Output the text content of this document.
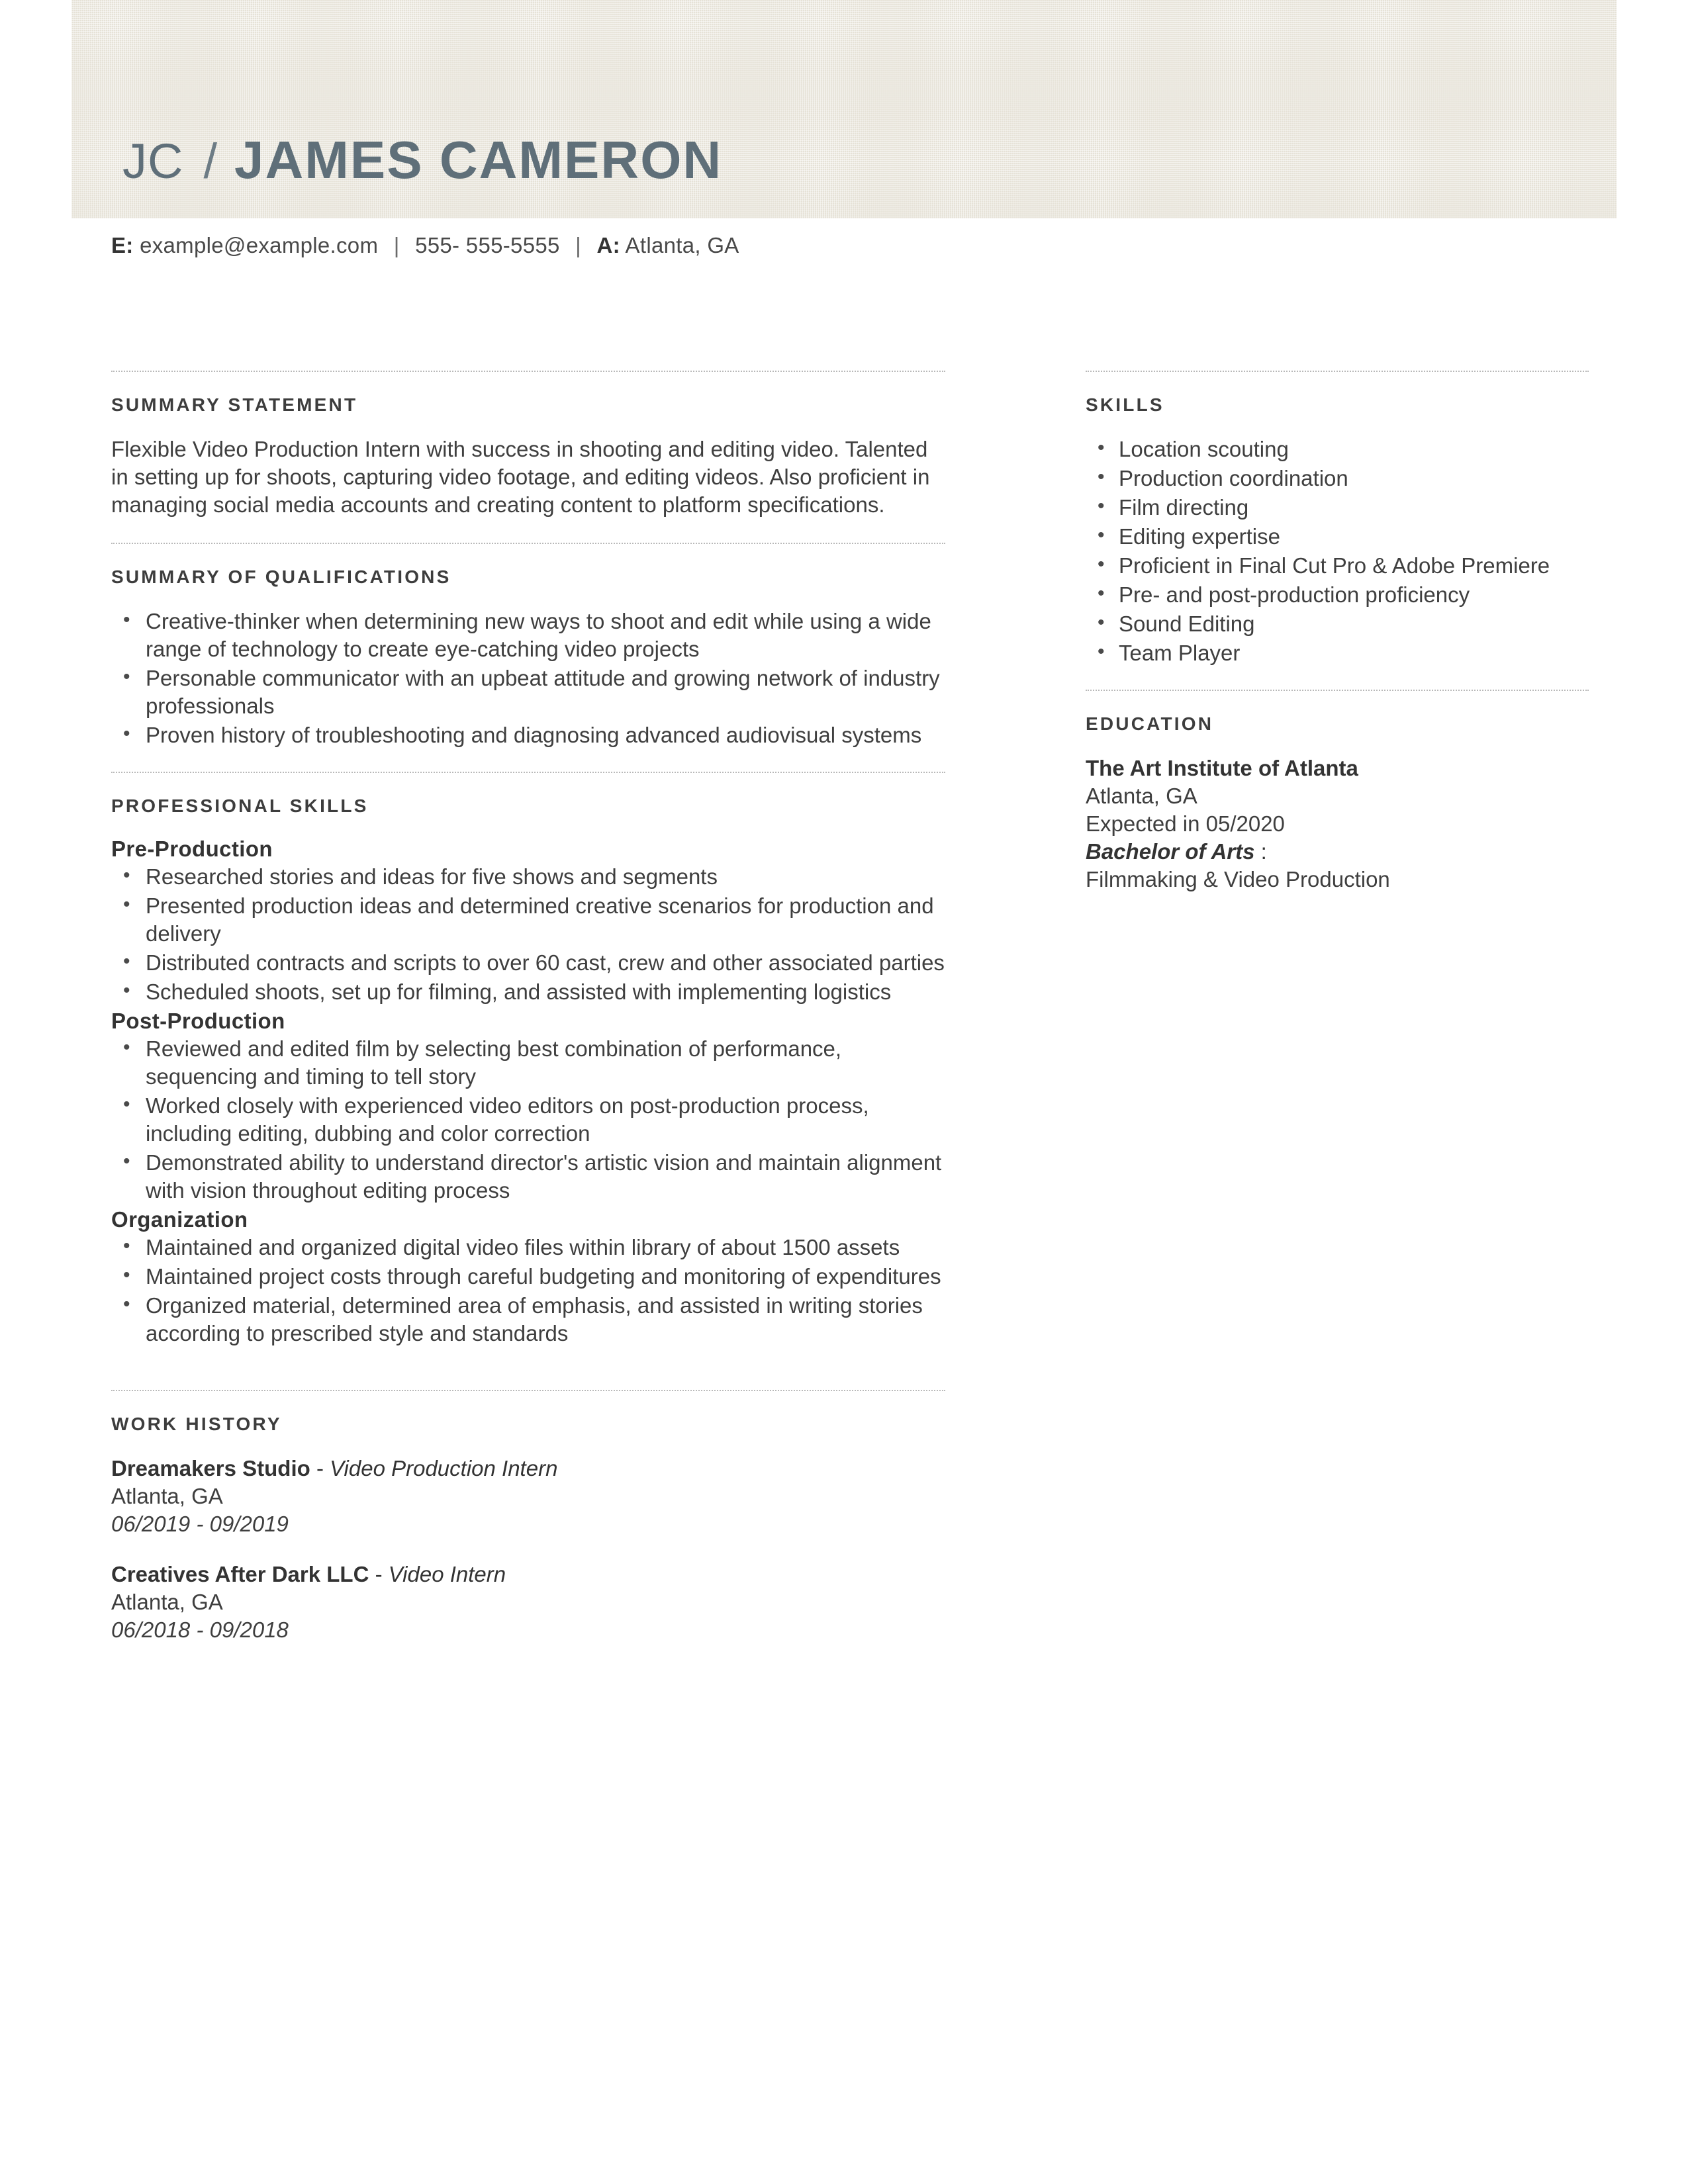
JC / JAMES CAMERON
E: example@example.com | 555- 555-5555 | A: Atlanta, GA
SUMMARY STATEMENT

Flexible Video Production Intern with success in shooting and editing video. Talented in setting up for shoots, capturing video footage, and editing videos. Also proficient in managing social media accounts and creating content to platform specifications.

SUMMARY OF QUALIFICATIONS
• Creative-thinker when determining new ways to shoot and edit while using a wide range of technology to create eye-catching video projects
• Personable communicator with an upbeat attitude and growing network of industry professionals
• Proven history of troubleshooting and diagnosing advanced audiovisual systems
PROFESSIONAL SKILLS
Pre-Production
• Researched stories and ideas for five shows and segments
• Presented production ideas and determined creative scenarios for production and delivery
• Distributed contracts and scripts to over 60 cast, crew and other associated parties
• Scheduled shoots, set up for filming, and assisted with implementing logistics
Post-Production
• Reviewed and edited film by selecting best combination of performance, sequencing and timing to tell story
• Worked closely with experienced video editors on post-production process, including editing, dubbing and color correction
• Demonstrated ability to understand director's artistic vision and maintain alignment with vision throughout editing process
Organization
• Maintained and organized digital video files within library of about 1500 assets
• Maintained project costs through careful budgeting and monitoring of expenditures
• Organized material, determined area of emphasis, and assisted in writing stories according to prescribed style and standards
WORK HISTORY
Dreamakers Studio - Video Production Intern
Atlanta, GA
06/2019 - 09/2019
Creatives After Dark LLC - Video Intern
Atlanta, GA
06/2018 - 09/2018
SKILLS
• Location scouting
• Production coordination
• Film directing
• Editing expertise
• Proficient in Final Cut Pro & Adobe Premiere
• Pre- and post-production proficiency
• Sound Editing
• Team Player
EDUCATION
The Art Institute of Atlanta
Atlanta, GA
Expected in 05/2020
Bachelor of Arts :
Filmmaking & Video Production
